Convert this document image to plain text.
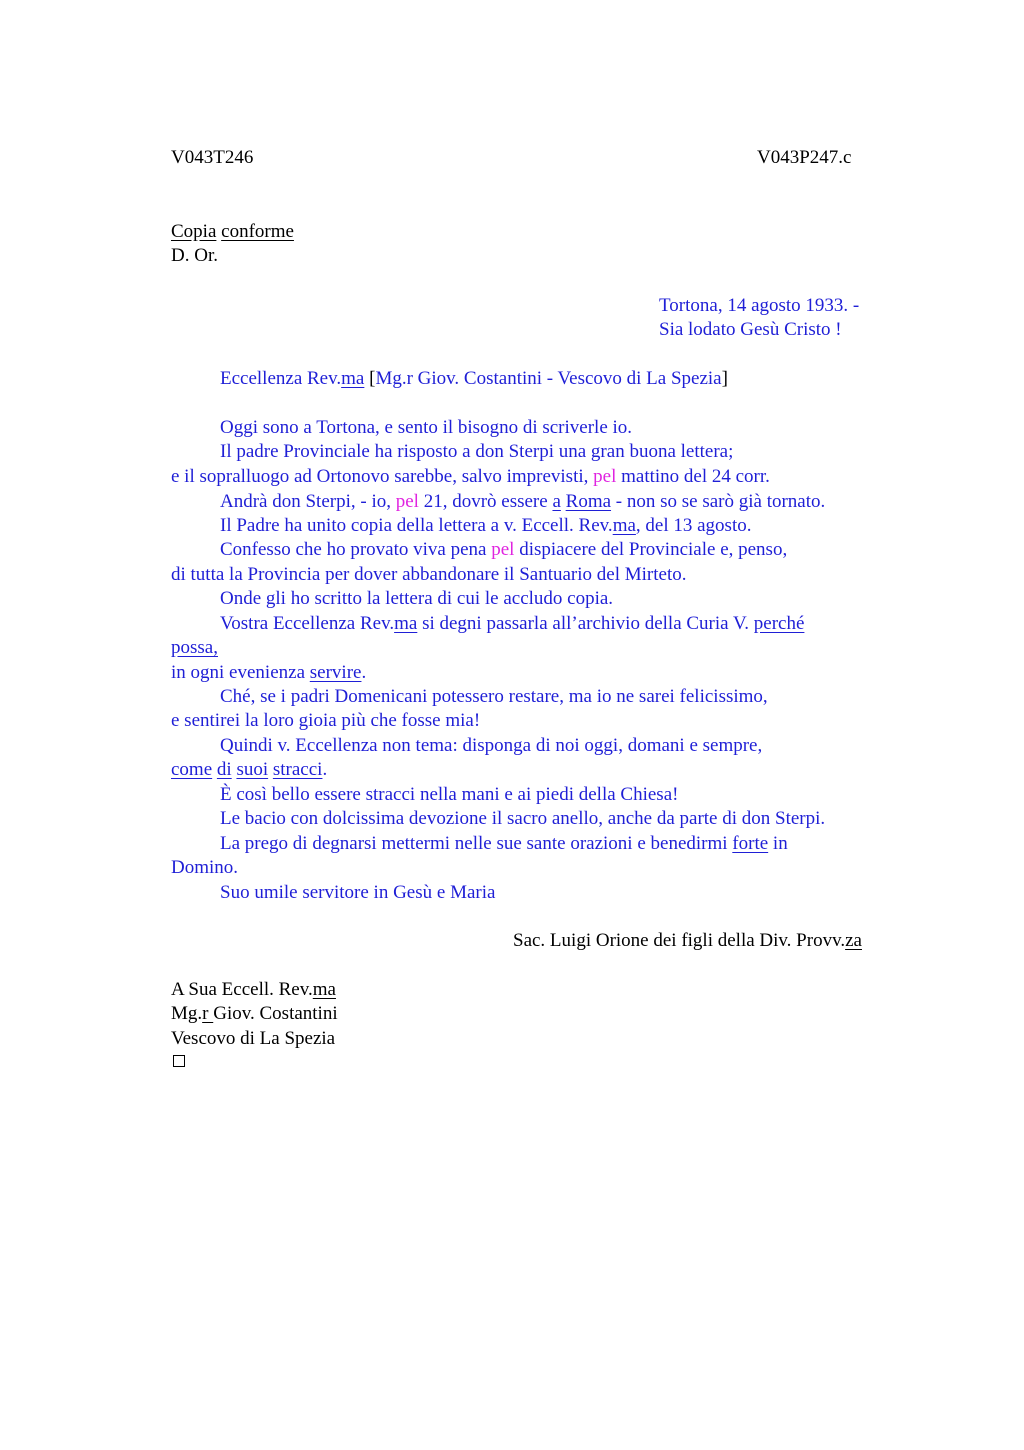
V043T246	V043P247.c
Copia conforme
D. Or.
Tortona, 14 agosto 1933. -
Sia lodato Gesù Cristo !
Eccellenza Rev.ma [Mg.r Giov. Costantini - Vescovo di La Spezia]
Oggi sono a Tortona, e sento il bisogno di scriverle io.
Il padre Provinciale ha risposto a don Sterpi una gran buona lettera;
e il sopralluogo ad Ortonovo sarebbe, salvo imprevisti, pel mattino del 24 corr.
Andrà don Sterpi, - io, pel 21, dovrò essere a Roma - non so se sarò già tornato.
Il Padre ha unito copia della lettera a v. Eccell. Rev.ma, del 13 agosto.
Confesso che ho provato viva pena pel dispiacere del Provinciale e, penso,
di tutta la Provincia per dover abbandonare il Santuario del Mirteto.
Onde gli ho scritto la lettera di cui le accludo copia.
Vostra Eccellenza Rev.ma si degni passarla all’archivio della Curia V. perché
possa,
in ogni evenienza servire.
Ché, se i padri Domenicani potessero restare, ma io ne sarei felicissimo,
e sentirei la loro gioia più che fosse mia!
Quindi v. Eccellenza non tema: disponga di noi oggi, domani e sempre,
come di suoi stracci.
È così bello essere stracci nella mani e ai piedi della Chiesa!
Le bacio con dolcissima devozione il sacro anello, anche da parte di don Sterpi.
La prego di degnarsi mettermi nelle sue sante orazioni e benedirmi forte in
Domino.
Suo umile servitore in Gesù e Maria
Sac. Luigi Orione dei figli della Div. Provv.za
A Sua Eccell. Rev.ma
Mg.r Giov. Costantini
Vescovo di La Spezia
